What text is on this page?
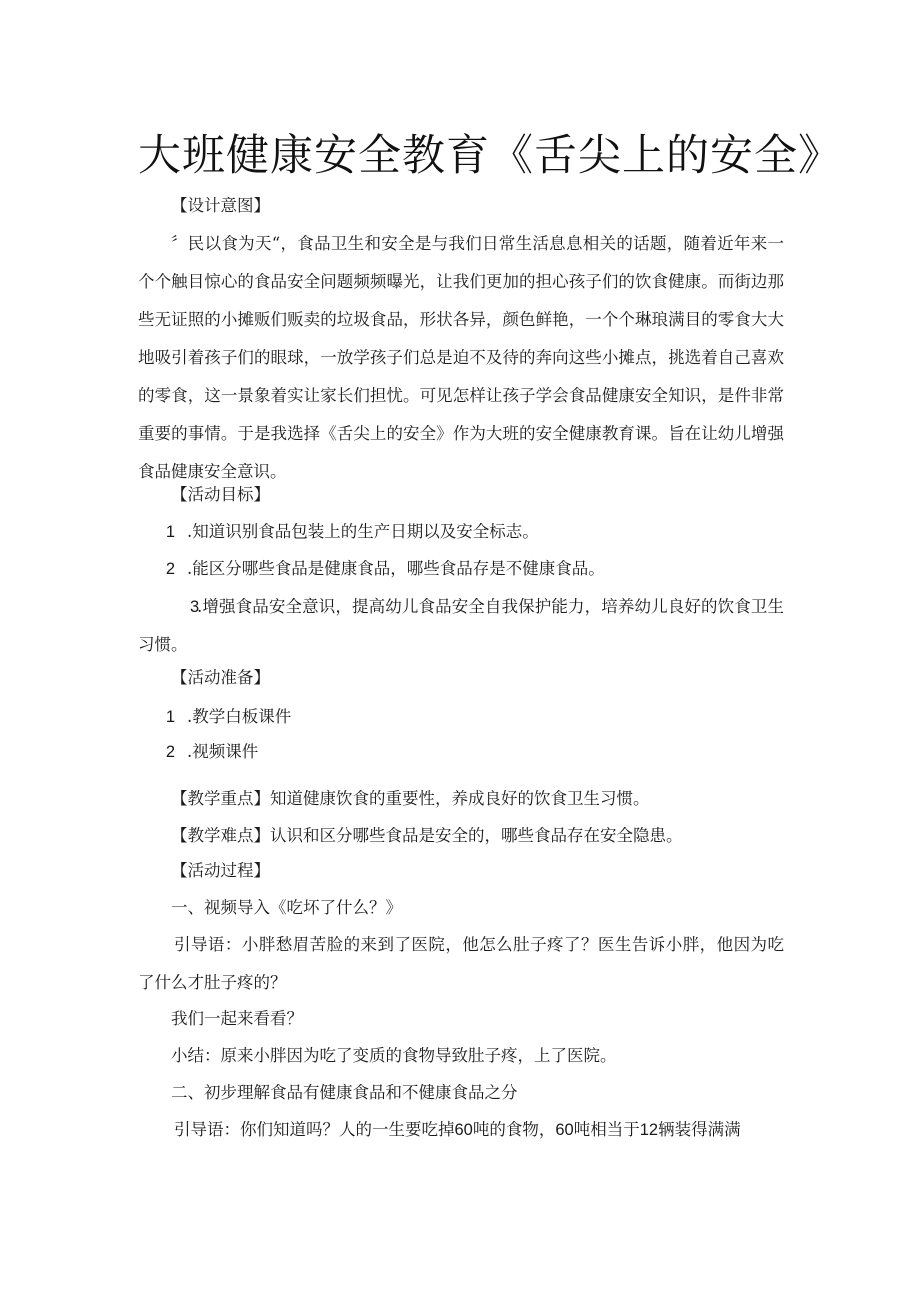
大班健康安全教育《舌尖上的安全》
【设计意图】
〞民以食为天“，食品卫生和安全是与我们日常生活息息相关的话题，随着近年来一个个触目惊心的食品安全问题频频曝光，让我们更加的担心孩子们的饮食健康。而街边那些无证照的小摊贩们贩卖的垃圾食品，形状各异，颜色鲜艳，一个个琳琅满目的零食大大地吸引着孩子们的眼球，一放学孩子们总是迫不及待的奔向这些小摊点，挑选着自己喜欢的零食，这一景象着实让家长们担忧。可见怎样让孩子学会食品健康安全知识，是件非常重要的事情。于是我选择《舌尖上的安全》作为大班的安全健康教育课。旨在让幼儿增强食品健康安全意识。
【活动目标】
1 .知道识别食品包装上的生产日期以及安全标志。
2 .能区分哪些食品是健康食品，哪些食品存是不健康食品。
3.增强食品安全意识，提高幼儿食品安全自我保护能力，培养幼儿良好的饮食卫生习惯。
【活动准备】
1 .教学白板课件
2 .视频课件
【教学重点】知道健康饮食的重要性，养成良好的饮食卫生习惯。
【教学难点】认识和区分哪些食品是安全的，哪些食品存在安全隐患。
【活动过程】
一、视频导入《吃坏了什么？》
引导语：小胖愁眉苦脸的来到了医院，他怎么肚子疼了？医生告诉小胖，他因为吃了什么才肚子疼的？
我们一起来看看？
小结：原来小胖因为吃了变质的食物导致肚子疼，上了医院。
二、初步理解食品有健康食品和不健康食品之分
引导语：你们知道吗？人的一生要吃掉60吨的食物，60吨相当于12辆装得满满
